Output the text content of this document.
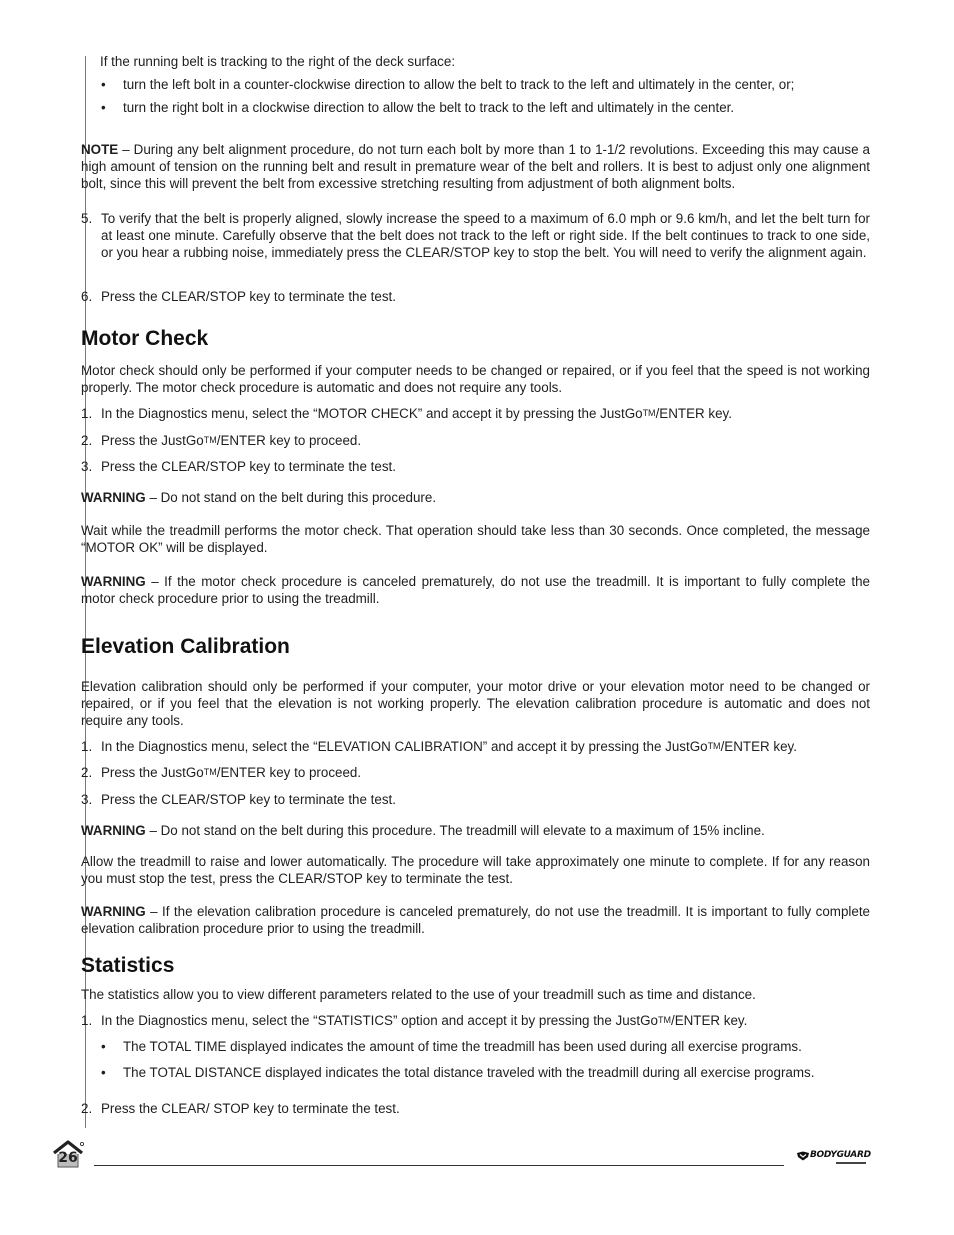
If the running belt is tracking to the right of the deck surface:

• turn the left bolt in a counter-clockwise direction to allow the belt to track to the left and ultimately in the center, or;

• turn the right bolt in a clockwise direction to allow the belt to track to the left and ultimately in the center.

NOTE – During any belt alignment procedure, do not turn each bolt by more than 1 to 1-1/2 revolutions. Exceeding this may cause a high amount of tension on the running belt and result in premature wear of the belt and rollers. It is best to adjust only one alignment bolt, since this will prevent the belt from excessive stretching resulting from adjustment of both alignment bolts.

5. To verify that the belt is properly aligned, slowly increase the speed to a maximum of 6.0 mph or 9.6 km/h, and let the belt turn for at least one minute. Carefully observe that the belt does not track to the left or right side. If the belt continues to track to one side, or you hear a rubbing noise, immediately press the CLEAR/STOP key to stop the belt. You will need to verify the alignment again.

6. Press the CLEAR/STOP key to terminate the test.

Motor Check

Motor check should only be performed if your computer needs to be changed or repaired, or if you feel that the speed is not working properly. The motor check procedure is automatic and does not require any tools.

1. In the Diagnostics menu, select the “MOTOR CHECK” and accept it by pressing the JustGo™/ENTER key.

2. Press the JustGo™/ENTER key to proceed.

3. Press the CLEAR/STOP key to terminate the test.

WARNING – Do not stand on the belt during this procedure.

Wait while the treadmill performs the motor check. That operation should take less than 30 seconds. Once completed, the message “MOTOR OK” will be displayed.

WARNING – If the motor check procedure is canceled prematurely, do not use the treadmill. It is important to fully complete the motor check procedure prior to using the treadmill.

Elevation Calibration

Elevation calibration should only be performed if your computer, your motor drive or your elevation motor need to be changed or repaired, or if you feel that the elevation is not working properly. The elevation calibration procedure is automatic and does not require any tools.

1. In the Diagnostics menu, select the “ELEVATION CALIBRATION” and accept it by pressing the JustGo™/ENTER key.

2. Press the JustGo™/ENTER key to proceed.

3. Press the CLEAR/STOP key to terminate the test.

WARNING – Do not stand on the belt during this procedure. The treadmill will elevate to a maximum of 15% incline.

Allow the treadmill to raise and lower automatically. The procedure will take approximately one minute to complete. If for any reason you must stop the test, press the CLEAR/STOP key to terminate the test.

WARNING – If the elevation calibration procedure is canceled prematurely, do not use the treadmill. It is important to fully complete elevation calibration procedure prior to using the treadmill.

Statistics

The statistics allow you to view different parameters related to the use of your treadmill such as time and distance.

1. In the Diagnostics menu, select the “STATISTICS” option and accept it by pressing the JustGo™/ENTER key.

• The TOTAL TIME displayed indicates the amount of time the treadmill has been used during all exercise programs.

• The TOTAL DISTANCE displayed indicates the total distance traveled with the treadmill during all exercise programs.

2. Press the CLEAR/ STOP key to terminate the test.

26	BODYGUARD
